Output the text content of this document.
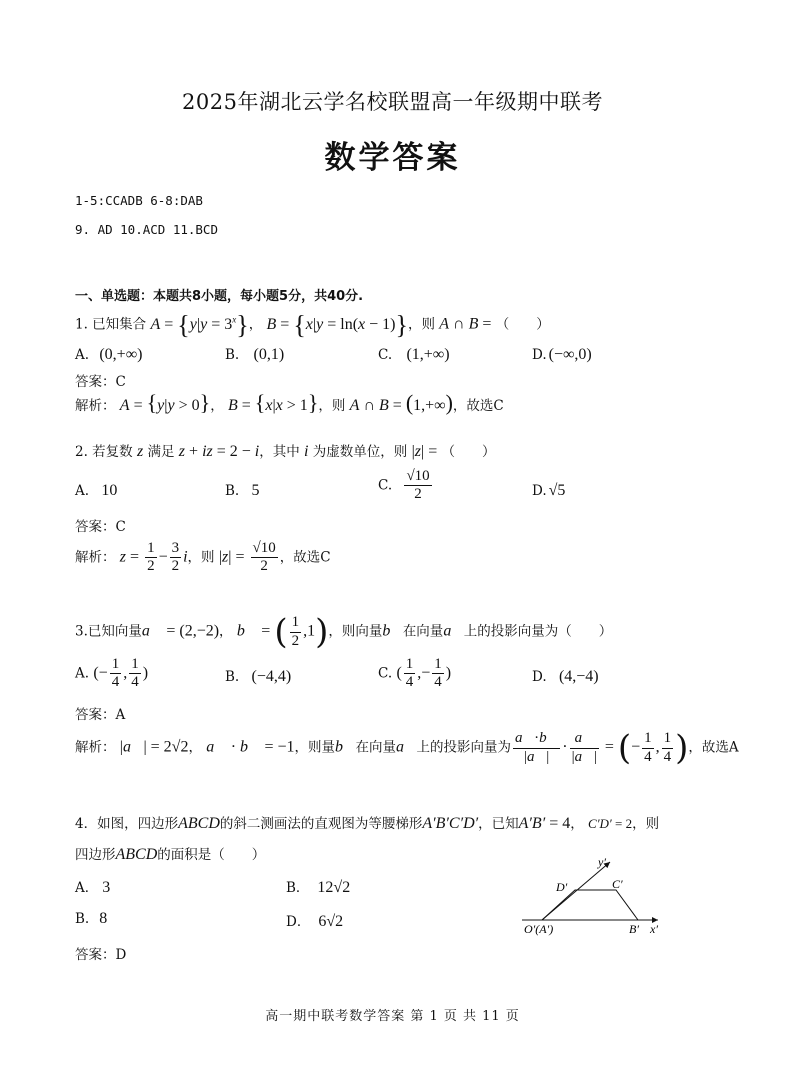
2025年湖北云学名校联盟高一年级期中联考
数学答案
1-5:CCADB 6-8:DAB
9. AD 10.ACD 11.BCD
一、单选题：本题共8小题，每小题5分，共40分.
1. 已知集合 $A = \{y|y = 3^x\}$， B = {x|y = ln(x − 1)}，则 A ∩ B = （　　）
A. (0,+∞)	B. (0,1)	C. (1,+∞)	D. (−∞,0)
答案：C
解析： A = {y|y > 0}， B = {x|x > 1}，则 A ∩ B = (1,+∞)，故选C
2. 若复数 z 满足 z + iz = 2 − i，其中 i 为虚数单位，则 |z| = （　　）
A. 10	B. 5	C. $\frac{√10}{2}$	D. √5
答案：C
解析： $z = \frac{1}{2} - \frac{3}{2}$ i，则 $|z| = \frac{√10}{2}$ ，故选C
3.已知向量a⃗ = (2,−2)， b⃗ = ( $\frac{1}{2} ,1$)，则向量b⃗在向量a⃗上的投影向量为（　　）
A. (− $\frac{1}{4}$ , $\frac{1}{4}$ )	B. (−4,4)	C. ( $\frac{1}{4}$ ,− $\frac{1}{4}$ )	D. (4,−4)
答案：A
解析： |a⃗| = 2√2， a⃗ · b⃗ = −1，则量b⃗在向量a⃗上的投影向量为 $\frac{a⃗\cdot b⃗}{|a⃗|} \cdot \frac{a⃗}{|a⃗|}$ = (− $\frac{1}{4}$ , $\frac{1}{4}$ )，故选A
4．如图，四边形ABCD的斜二测画法的直观图为等腰梯形A′B′C′D′，已知A′B′ = 4， C′D′ = 2，则
四边形ABCD的面积是（　　）
A． 3	B． 12√2
B. 8	D． 6√2
答案：D
y′
D′	C′
O′(A′)	B′ x′
高一期中联考数学答案 第 1 页 共 11 页
